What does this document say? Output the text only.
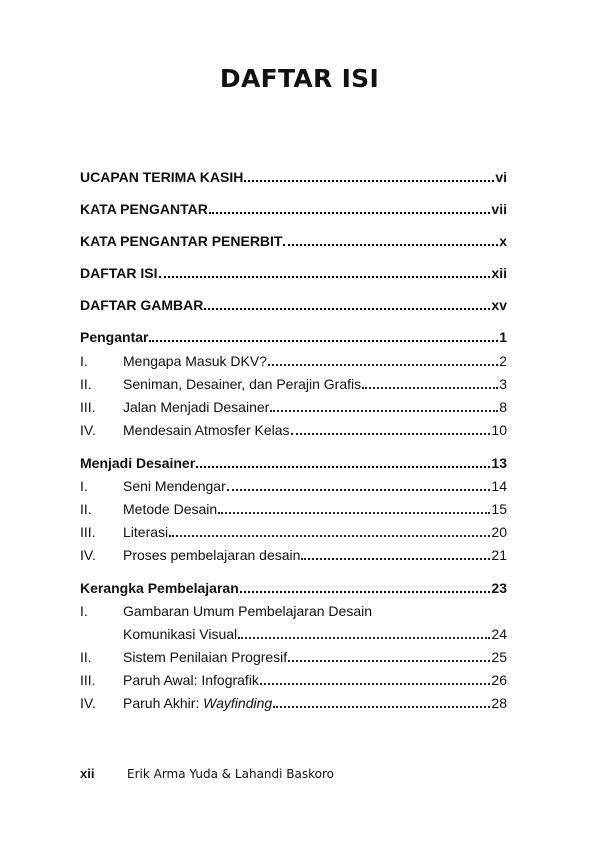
DAFTAR ISI
UCAPAN TERIMA KASIH	vi
KATA PENGANTAR	vii
KATA PENGANTAR PENERBIT	x
DAFTAR ISI	xii
DAFTAR GAMBAR	xv
Pengantar	1
I.	Mengapa Masuk DKV?	2
II.	Seniman, Desainer, dan Perajin Grafis	3
III.	Jalan Menjadi Desainer	8
IV.	Mendesain Atmosfer Kelas	10
Menjadi Desainer	13
I.	Seni Mendengar	14
II.	Metode Desain	15
III.	Literasi	20
IV.	Proses pembelajaran desain	21
Kerangka Pembelajaran	23
I.	Gambaran Umum Pembelajaran Desain
Komunikasi Visual	24
II.	Sistem Penilaian Progresif	25
III.	Paruh Awal: Infografik	26
IV.	Paruh Akhir: Wayfinding	28
xii	Erik Arma Yuda & Lahandi Baskoro
